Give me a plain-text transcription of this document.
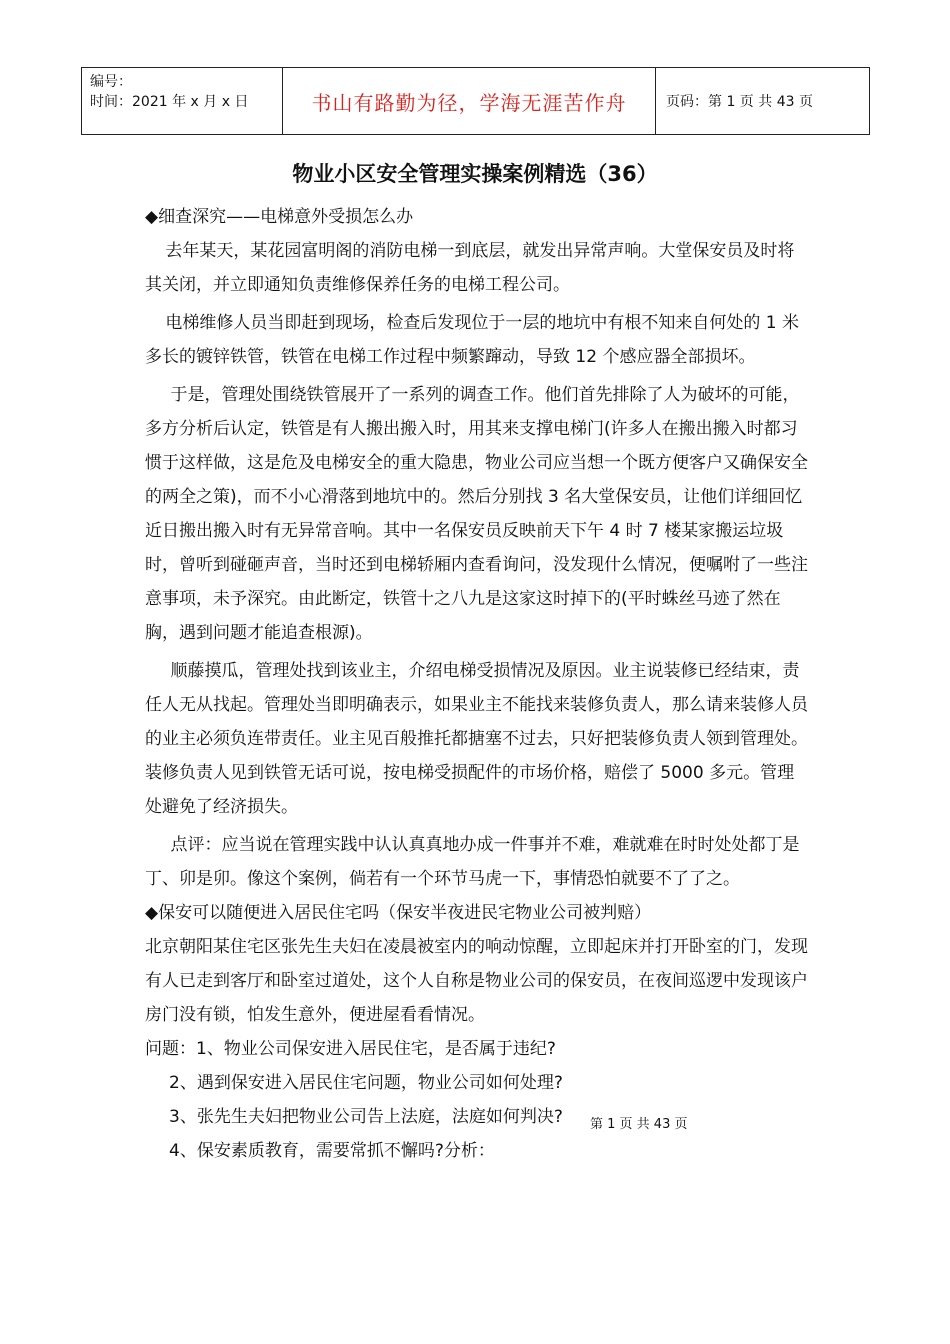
编号：
时间：2021 年 x 月 x 日	书山有路勤为径，学海无涯苦作舟	页码：第 1 页 共 43 页
物业小区安全管理实操案例精选（36）

◆细查深究——电梯意外受损怎么办

去年某天，某花园富明阁的消防电梯一到底层，就发出异常声响。大堂保安员及时将其关闭，并立即通知负责维修保养任务的电梯工程公司。

电梯维修人员当即赶到现场，检查后发现位于一层的地坑中有根不知来自何处的 1 米多长的镀锌铁管，铁管在电梯工作过程中频繁蹿动，导致 12 个感应器全部损坏。

于是，管理处围绕铁管展开了一系列的调查工作。他们首先排除了人为破坏的可能，多方分析后认定，铁管是有人搬出搬入时，用其来支撑电梯门(许多人在搬出搬入时都习惯于这样做，这是危及电梯安全的重大隐患，物业公司应当想一个既方便客户又确保安全的两全之策)，而不小心滑落到地坑中的。然后分别找 3 名大堂保安员，让他们详细回忆近日搬出搬入时有无异常音响。其中一名保安员反映前天下午 4 时 7 楼某家搬运垃圾时，曾听到碰砸声音，当时还到电梯轿厢内查看询问，没发现什么情况，便嘱咐了一些注意事项，未予深究。由此断定，铁管十之八九是这家这时掉下的(平时蛛丝马迹了然在胸，遇到问题才能追查根源)。

顺藤摸瓜，管理处找到该业主，介绍电梯受损情况及原因。业主说装修已经结束，责任人无从找起。管理处当即明确表示，如果业主不能找来装修负责人，那么请来装修人员的业主必须负连带责任。业主见百般推托都搪塞不过去，只好把装修负责人领到管理处。装修负责人见到铁管无话可说，按电梯受损配件的市场价格，赔偿了 5000 多元。管理处避免了经济损失。

点评：应当说在管理实践中认认真真地办成一件事并不难，难就难在时时处处都丁是丁、卯是卯。像这个案例，倘若有一个环节马虎一下，事情恐怕就要不了了之。

◆保安可以随便进入居民住宅吗（保安半夜进民宅物业公司被判赔）

北京朝阳某住宅区张先生夫妇在凌晨被室内的响动惊醒，立即起床并打开卧室的门，发现有人已走到客厅和卧室过道处，这个人自称是物业公司的保安员，在夜间巡逻中发现该户房门没有锁，怕发生意外，便进屋看看情况。

问题：1、物业公司保安进入居民住宅，是否属于违纪?

2、遇到保安进入居民住宅问题，物业公司如何处理?

3、张先生夫妇把物业公司告上法庭，法庭如何判决?

4、保安素质教育，需要常抓不懈吗?分析：

第 1 页 共 43 页
